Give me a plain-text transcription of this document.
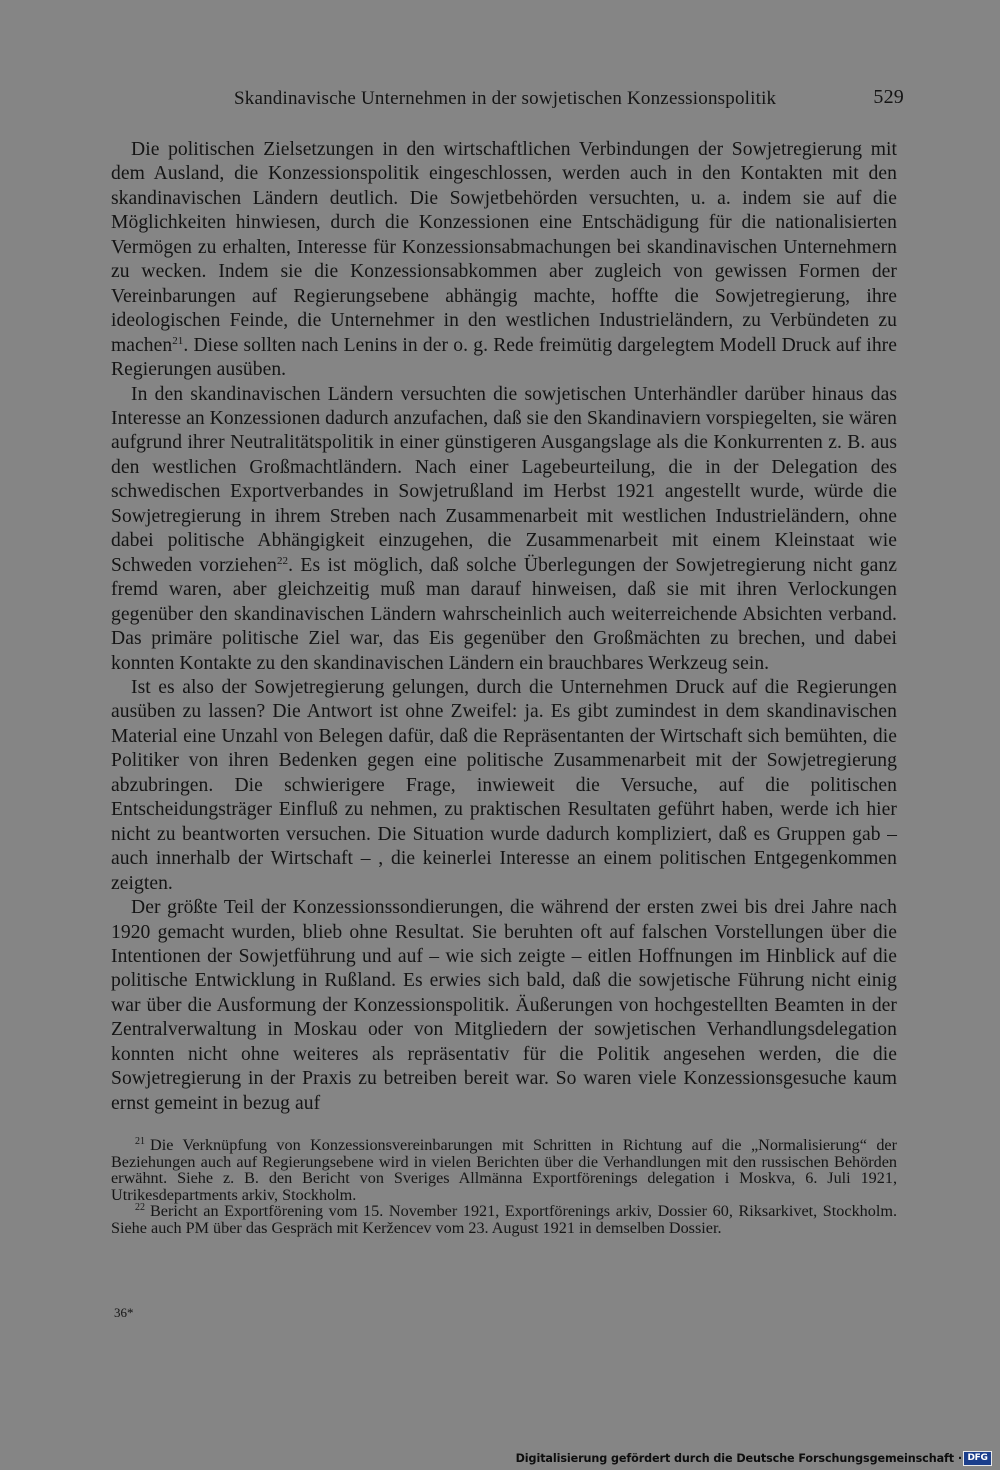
Skandinavische Unternehmen in der sowjetischen Konzessionspolitik	529

Die politischen Zielsetzungen in den wirtschaftlichen Verbindungen der Sowjetregierung mit dem Ausland, die Konzessionspolitik eingeschlossen, werden auch in den Kontakten mit den skandinavischen Ländern deutlich. Die Sowjetbehörden versuchten, u. a. indem sie auf die Möglichkeiten hinwiesen, durch die Konzessionen eine Entschädigung für die nationalisierten Vermögen zu erhalten, Interesse für Konzessionsabmachungen bei skandinavischen Unternehmern zu wecken. Indem sie die Konzessionsabkommen aber zugleich von gewissen Formen der Vereinbarungen auf Regierungsebene abhängig machte, hoffte die Sowjetregierung, ihre ideologischen Feinde, die Unternehmer in den westlichen Industrieländern, zu Verbündeten zu machen$^{21}$. Diese sollten nach Lenins in der o. g. Rede freimütig dargelegtem Modell Druck auf ihre Regierungen ausüben.

In den skandinavischen Ländern versuchten die sowjetischen Unterhändler darüber hinaus das Interesse an Konzessionen dadurch anzufachen, daß sie den Skandinaviern vorspiegelten, sie wären aufgrund ihrer Neutralitätspolitik in einer günstigeren Ausgangslage als die Konkurrenten z. B. aus den westlichen Großmachtländern. Nach einer Lagebeurteilung, die in der Delegation des schwedischen Exportverbandes in Sowjetrußland im Herbst 1921 angestellt wurde, würde die Sowjetregierung in ihrem Streben nach Zusammenarbeit mit westlichen Industrieländern, ohne dabei politische Abhängigkeit einzugehen, die Zusammenarbeit mit einem Kleinstaat wie Schweden vorziehen$^{22}$. Es ist möglich, daß solche Überlegungen der Sowjetregierung nicht ganz fremd waren, aber gleichzeitig muß man darauf hinweisen, daß sie mit ihren Verlockungen gegenüber den skandinavischen Ländern wahrscheinlich auch weiterreichende Absichten verband. Das primäre politische Ziel war, das Eis gegenüber den Großmächten zu brechen, und dabei konnten Kontakte zu den skandinavischen Ländern ein brauchbares Werkzeug sein.

Ist es also der Sowjetregierung gelungen, durch die Unternehmen Druck auf die Regierungen ausüben zu lassen? Die Antwort ist ohne Zweifel: ja. Es gibt zumindest in dem skandinavischen Material eine Unzahl von Belegen dafür, daß die Repräsentanten der Wirtschaft sich bemühten, die Politiker von ihren Bedenken gegen eine politische Zusammenarbeit mit der Sowjetregierung abzubringen. Die schwierigere Frage, inwieweit die Versuche, auf die politischen Entscheidungsträger Einfluß zu nehmen, zu praktischen Resultaten geführt haben, werde ich hier nicht zu beantworten versuchen. Die Situation wurde dadurch kompliziert, daß es Gruppen gab – auch innerhalb der Wirtschaft – , die keinerlei Interesse an einem politischen Entgegenkommen zeigten.

Der größte Teil der Konzessionssondierungen, die während der ersten zwei bis drei Jahre nach 1920 gemacht wurden, blieb ohne Resultat. Sie beruhten oft auf falschen Vorstellungen über die Intentionen der Sowjetführung und auf – wie sich zeigte – eitlen Hoffnungen im Hinblick auf die politische Entwicklung in Rußland. Es erwies sich bald, daß die sowjetische Führung nicht einig war über die Ausformung der Konzessionspolitik. Äußerungen von hochgestellten Beamten in der Zentralverwaltung in Moskau oder von Mitgliedern der sowjetischen Verhandlungsdelegation konnten nicht ohne weiteres als repräsentativ für die Politik angesehen werden, die die Sowjetregierung in der Praxis zu betreiben bereit war. So waren viele Konzessionsgesuche kaum ernst gemeint in bezug auf

$^{21}$ Die Verknüpfung von Konzessionsvereinbarungen mit Schritten in Richtung auf die „Normalisierung“ der Beziehungen auch auf Regierungsebene wird in vielen Berichten über die Verhandlungen mit den russischen Behörden erwähnt. Siehe z. B. den Bericht von Sveriges Allmänna Exportförenings delegation i Moskva, 6. Juli 1921, Utrikesdepartments arkiv, Stockholm.

$^{22}$ Bericht an Exportförening vom 15. November 1921, Exportförenings arkiv, Dossier 60, Riksarkivet, Stockholm. Siehe auch PM über das Gespräch mit Keržencev vom 23. August 1921 in demselben Dossier.

36*
Digitalisierung gefördert durch die Deutsche Forschungsgemeinschaft · DFG
